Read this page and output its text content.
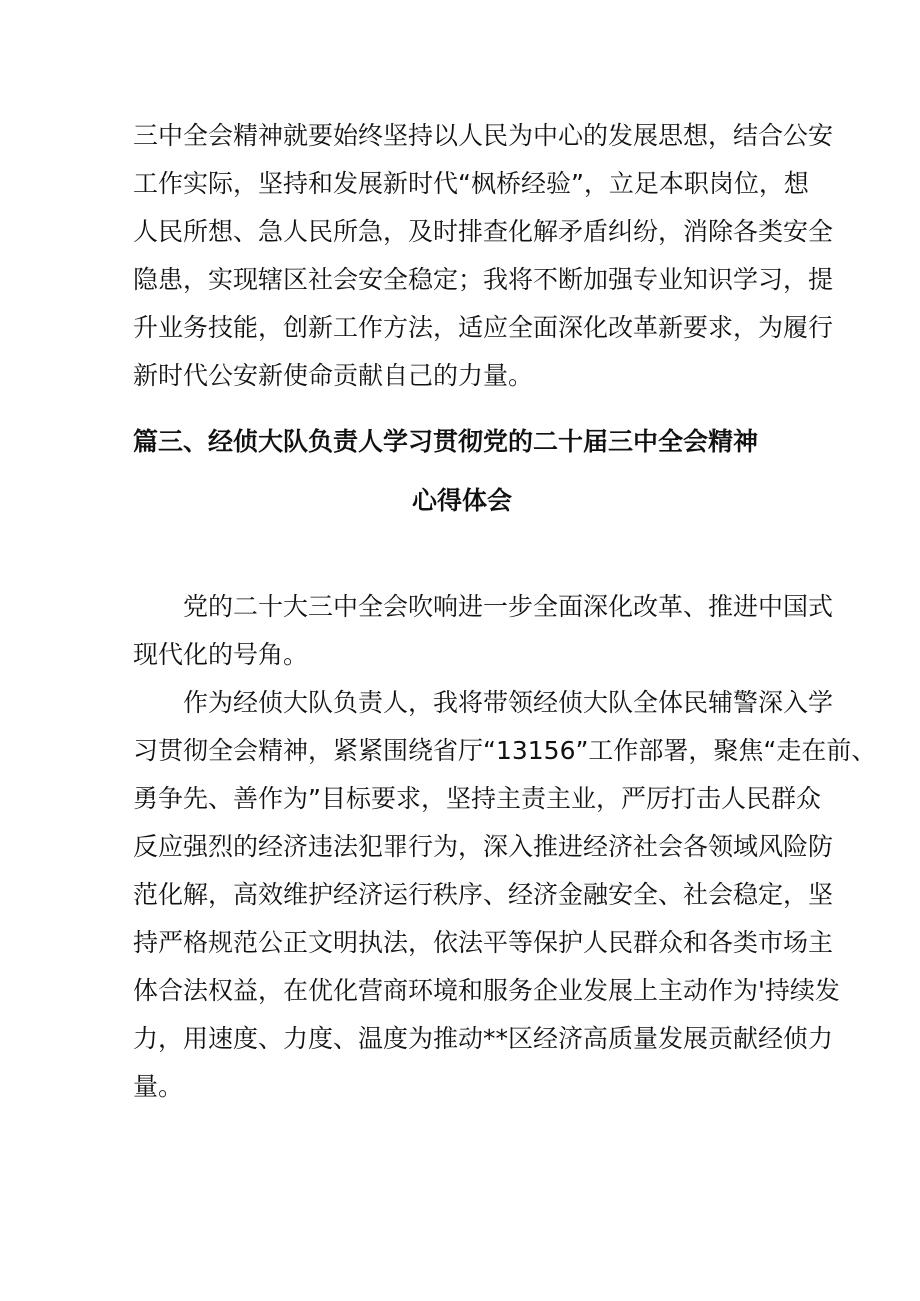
三中全会精神就要始终坚持以人民为中心的发展思想，结合公安
工作实际，坚持和发展新时代“枫桥经验”，立足本职岗位，想
人民所想、急人民所急，及时排查化解矛盾纠纷，消除各类安全
隐患，实现辖区社会安全稳定；我将不断加强专业知识学习，提
升业务技能，创新工作方法，适应全面深化改革新要求，为履行
新时代公安新使命贡献自己的力量。
篇三、经侦大队负责人学习贯彻党的二十届三中全会精神
心得体会
党的二十大三中全会吹响进一步全面深化改革、推进中国式
现代化的号角。
作为经侦大队负责人，我将带领经侦大队全体民辅警深入学
习贯彻全会精神，紧紧围绕省厅“13156”工作部署，聚焦“走在前、
勇争先、善作为”目标要求，坚持主责主业，严厉打击人民群众
反应强烈的经济违法犯罪行为，深入推进经济社会各领域风险防
范化解，高效维护经济运行秩序、经济金融安全、社会稳定，坚
持严格规范公正文明执法，依法平等保护人民群众和各类市场主
体合法权益，在优化营商环境和服务企业发展上主动作为'持续发
力，用速度、力度、温度为推动**区经济高质量发展贡献经侦力
量。
